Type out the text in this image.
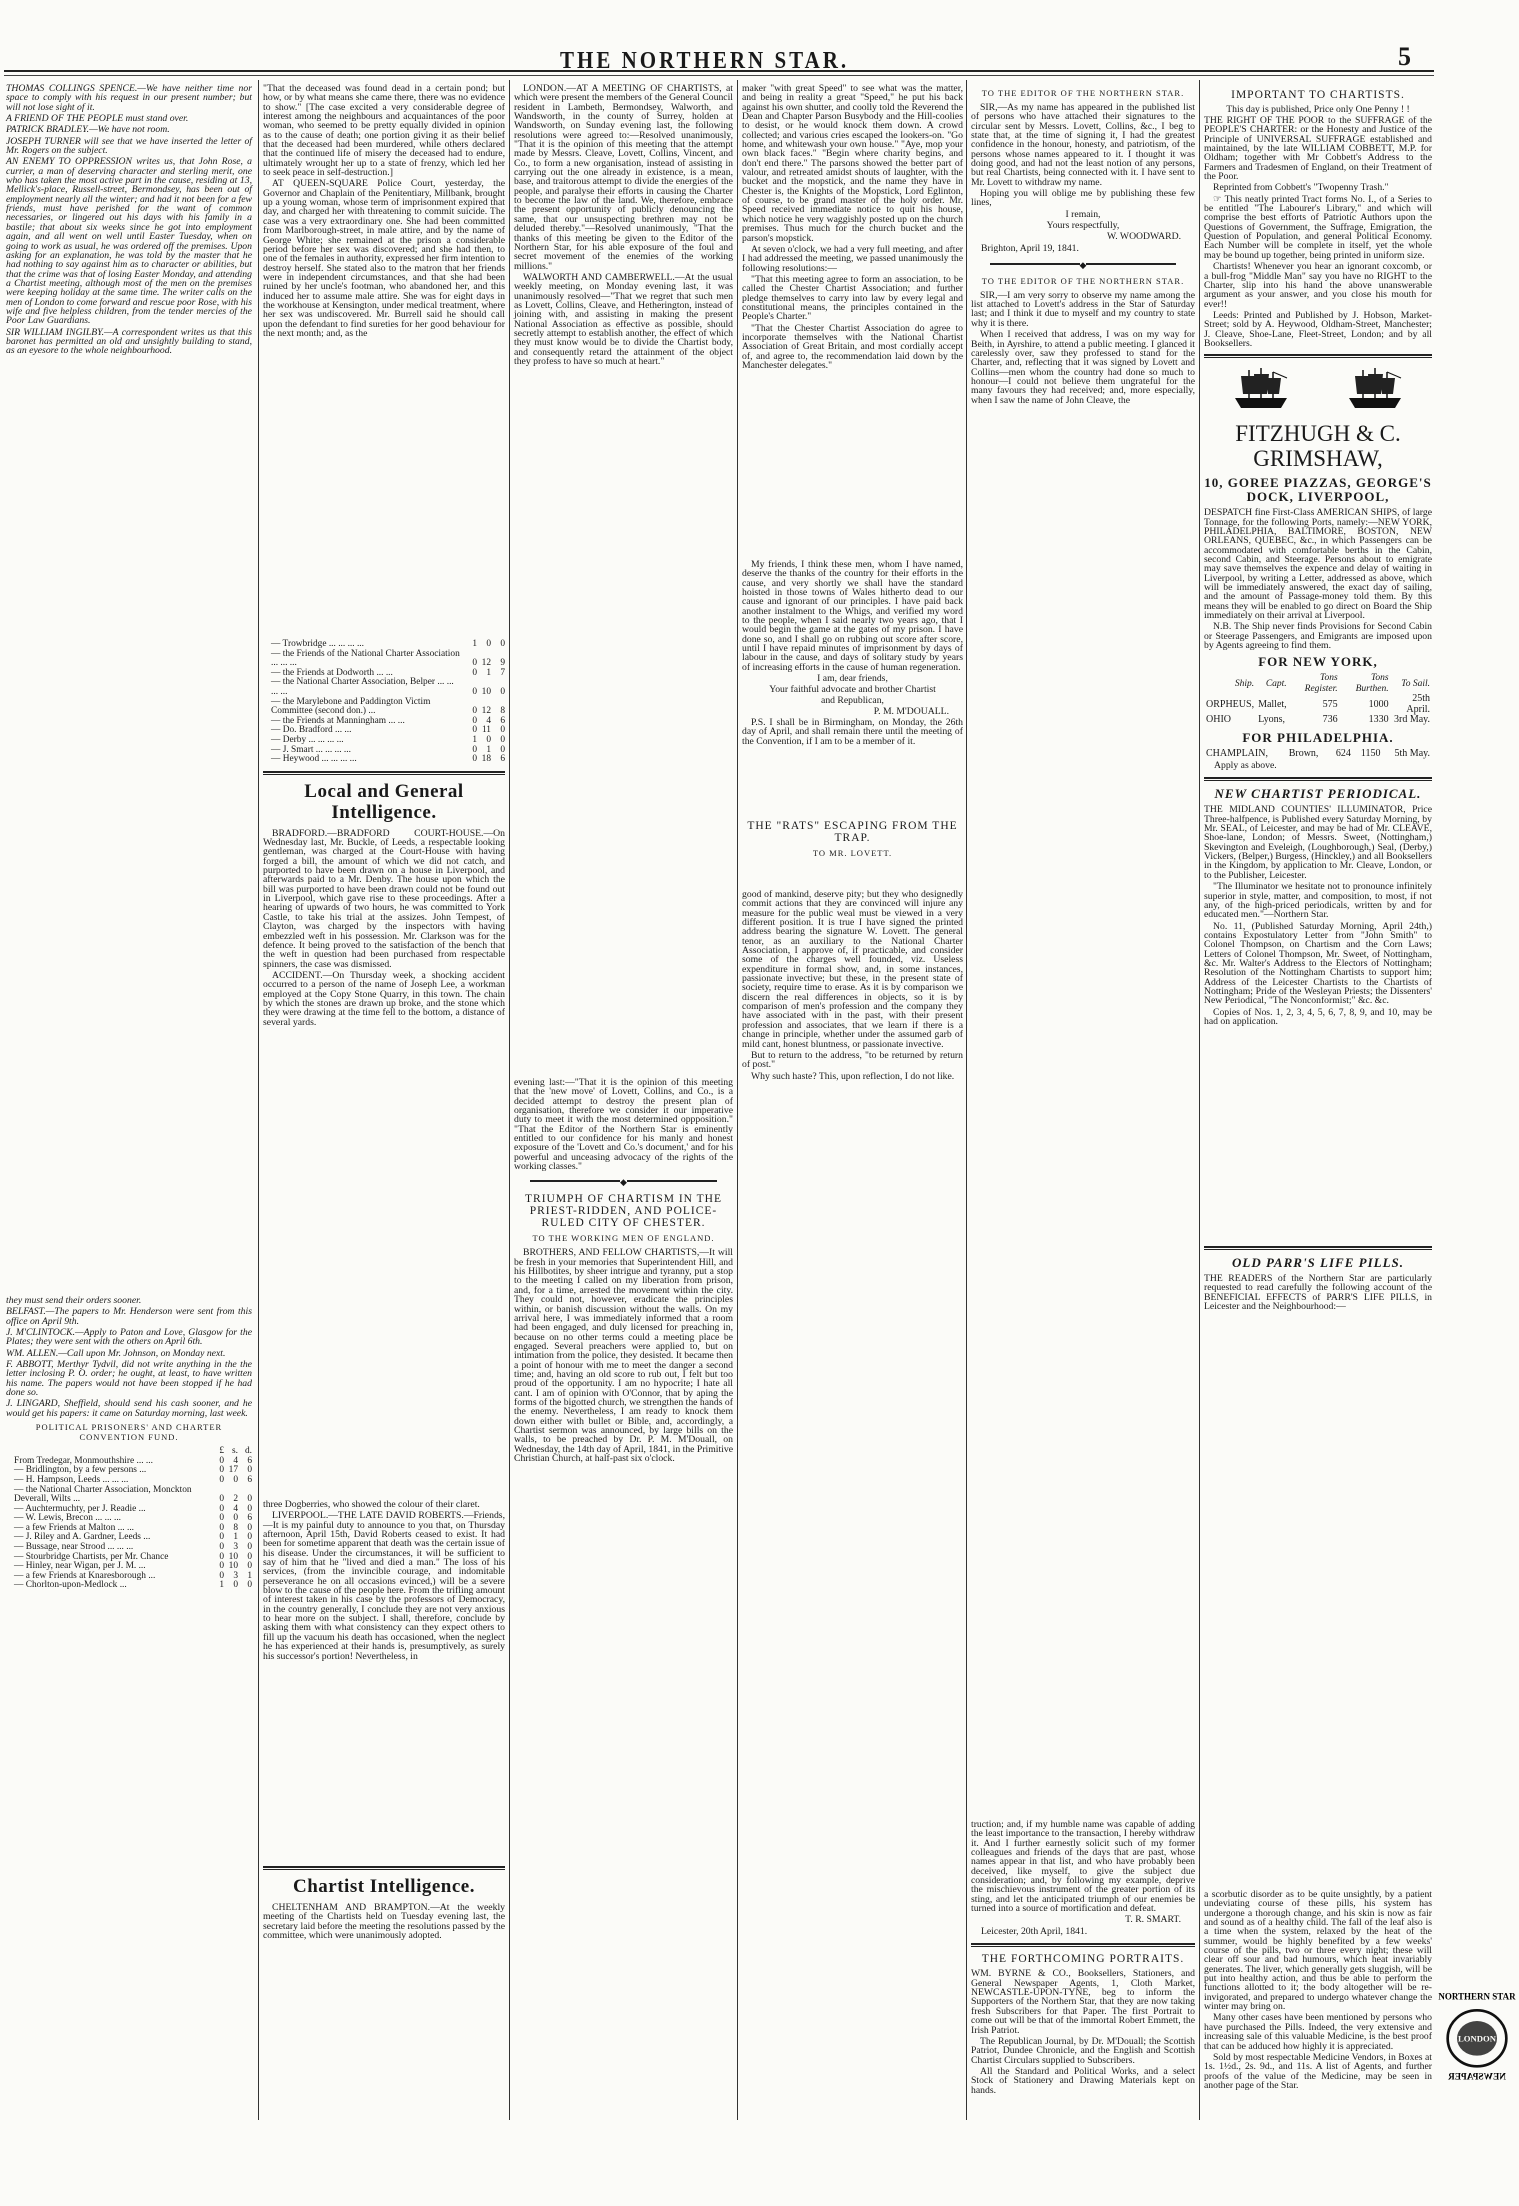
THE NORTHERN STAR.	5

THOMAS COLLINGS SPENCE.—We have neither time nor space to comply with his request in our present number; but will not lose sight of it.

A FRIEND OF THE PEOPLE must stand over.

PATRICK BRADLEY.—We have not room.

JOSEPH TURNER will see that we have inserted the letter of Mr. Rogers on the subject.

AN ENEMY TO OPPRESSION writes us, that John Rose, a currier, a man of deserving character and sterling merit, one who has taken the most active part in the cause, residing at 13, Mellick's-place, Russell-street, Bermondsey, has been out of employment nearly all the winter; and had it not been for a few friends, must have perished for the want of common necessaries, or lingered out his days with his family in a bastile; that about six weeks since he got into employment again, and all went on well until Easter Tuesday, when on going to work as usual, he was ordered off the premises. Upon asking for an explanation, he was told by the master that he had nothing to say against him as to character or abilities, but that the crime was that of losing Easter Monday, and attending a Chartist meeting, although most of the men on the premises were keeping holiday at the same time. The writer calls on the men of London to come forward and rescue poor Rose, with his wife and five helpless children, from the tender mercies of the Poor Law Guardians.

SIR WILLIAM INGILBY.—A correspondent writes us that this baronet has permitted an old and unsightly building to stand, as an eyesore to the whole neighbourhood.

they must send their orders sooner.

BELFAST.—The papers to Mr. Henderson were sent from this office on April 9th.

J. M'CLINTOCK.—Apply to Paton and Love, Glasgow for the Plates; they were sent with the others on April 6th.

WM. ALLEN.—Call upon Mr. Johnson, on Monday next.

F. ABBOTT, Merthyr Tydvil, did not write anything in the the letter inclosing P. O. order; he ought, at least, to have written his name. The papers would not have been stopped if he had done so.

J. LINGARD, Sheffield, should send his cash sooner, and he would get his papers: it came on Saturday morning, last week.

POLITICAL PRISONERS' AND CHARTER CONVENTION FUND.
	£	s.	d.
From Tredegar, Monmouthshire ... ...	0	4	6
— Bridlington, by a few persons ...	0	17	0
— H. Hampson, Leeds ... ... ...	0	0	6
— the National Charter Association, Monckton Deverall, Wilts ...	0	2	0
— Auchtermuchty, per J. Readie ...	0	4	0
— W. Lewis, Brecon ... ... ...	0	0	6
— a few Friends at Malton ... ...	0	8	0
— J. Riley and A. Gardner, Leeds ...	0	1	0
— Bussage, near Strood ... ... ...	0	3	0
— Stourbridge Chartists, per Mr. Chance	0	10	0
— Hinley, near Wigan, per J. M. ...	0	10	0
— a few Friends at Knaresborough ...	0	3	1
— Chorlton-upon-Medlock ...	1	0	0

"That the deceased was found dead in a certain pond; but how, or by what means she came there, there was no evidence to show." [The case excited a very considerable degree of interest among the neighbours and acquaintances of the poor woman, who seemed to be pretty equally divided in opinion as to the cause of death; one portion giving it as their belief that the deceased had been murdered, while others declared that the continued life of misery the deceased had to endure, ultimately wrought her up to a state of frenzy, which led her to seek peace in self-destruction.]

AT QUEEN-SQUARE Police Court, yesterday, the Governor and Chaplain of the Penitentiary, Millbank, brought up a young woman, whose term of imprisonment expired that day, and charged her with threatening to commit suicide. The case was a very extraordinary one. She had been committed from Marlborough-street, in male attire, and by the name of George White; she remained at the prison a considerable period before her sex was discovered; and she had then, to one of the females in authority, expressed her firm intention to destroy herself. She stated also to the matron that her friends were in independent circumstances, and that she had been ruined by her uncle's footman, who abandoned her, and this induced her to assume male attire. She was for eight days in the workhouse at Kensington, under medical treatment, where her sex was undiscovered. Mr. Burrell said he should call upon the defendant to find sureties for her good behaviour for the next month; and, as the

— Trowbridge ... ... ... ...	1	0	0
— the Friends of the National Charter Association ... ... ...	0	12	9
— the Friends at Dodworth ... ...	0	1	7
— the National Charter Association, Belper ... ... ... ...	0	10	0
— the Marylebone and Paddington Victim Committee (second don.) ...	0	12	8
— the Friends at Manningham ... ...	0	4	6
— Do. Bradford ... ...	0	11	0
— Derby ... ... ... ...	1	0	0
— J. Smart ... ... ... ...	0	1	0
— Heywood ... ... ... ...	0	18	6
Local and General Intelligence.

BRADFORD.—BRADFORD COURT-HOUSE.—On Wednesday last, Mr. Buckle, of Leeds, a respectable looking gentleman, was charged at the Court-House with having forged a bill, the amount of which we did not catch, and purported to have been drawn on a house in Liverpool, and afterwards paid to a Mr. Denby. The house upon which the bill was purported to have been drawn could not be found out in Liverpool, which gave rise to these proceedings. After a hearing of upwards of two hours, he was committed to York Castle, to take his trial at the assizes. John Tempest, of Clayton, was charged by the inspectors with having embezzled weft in his possession. Mr. Clarkson was for the defence. It being proved to the satisfaction of the bench that the weft in question had been purchased from respectable spinners, the case was dismissed.

ACCIDENT.—On Thursday week, a shocking accident occurred to a person of the name of Joseph Lee, a workman employed at the Copy Stone Quarry, in this town. The chain by which the stones are drawn up broke, and the stone which they were drawing at the time fell to the bottom, a distance of several yards.

three Dogberries, who showed the colour of their claret.

LIVERPOOL.—THE LATE DAVID ROBERTS.—Friends,—It is my painful duty to announce to you that, on Thursday afternoon, April 15th, David Roberts ceased to exist. It had been for sometime apparent that death was the certain issue of his disease. Under the circumstances, it will be sufficient to say of him that he "lived and died a man." The loss of his services, (from the invincible courage, and indomitable perseverance he on all occasions evinced,) will be a severe blow to the cause of the people here. From the trifling amount of interest taken in his case by the professors of Democracy, in the country generally, I conclude they are not very anxious to hear more on the subject. I shall, therefore, conclude by asking them with what consistency can they expect others to fill up the vacuum his death has occasioned, when the neglect he has experienced at their hands is, presumptively, as surely his successor's portion! Nevertheless, in

Chartist Intelligence.

CHELTENHAM AND BRAMPTON.—At the weekly meeting of the Chartists held on Tuesday evening last, the secretary laid before the meeting the resolutions passed by the committee, which were unanimously adopted.

LONDON.—AT A MEETING OF CHARTISTS, at which were present the members of the General Council resident in Lambeth, Bermondsey, Walworth, and Wandsworth, in the county of Surrey, holden at Wandsworth, on Sunday evening last, the following resolutions were agreed to:—Resolved unanimously, "That it is the opinion of this meeting that the attempt made by Messrs. Cleave, Lovett, Collins, Vincent, and Co., to form a new organisation, instead of assisting in carrying out the one already in existence, is a mean, base, and traitorous attempt to divide the energies of the people, and paralyse their efforts in causing the Charter to become the law of the land. We, therefore, embrace the present opportunity of publicly denouncing the same, that our unsuspecting brethren may not be deluded thereby."—Resolved unanimously, "That the thanks of this meeting be given to the Editor of the Northern Star, for his able exposure of the foul and secret movement of the enemies of the working millions."

WALWORTH AND CAMBERWELL.—At the usual weekly meeting, on Monday evening last, it was unanimously resolved—"That we regret that such men as Lovett, Collins, Cleave, and Hetherington, instead of joining with, and assisting in making the present National Association as effective as possible, should secretly attempt to establish another, the effect of which they must know would be to divide the Chartist body, and consequently retard the attainment of the object they profess to have so much at heart."

evening last:—"That it is the opinion of this meeting that the 'new move' of Lovett, Collins, and Co., is a decided attempt to destroy the present plan of organisation, therefore we consider it our imperative duty to meet it with the most determined oppposition." "That the Editor of the Northern Star is eminently entitled to our confidence for his manly and honest exposure of the 'Lovett and Co.'s document,' and for his powerful and unceasing advocacy of the rights of the working classes."

◆
TRIUMPH OF CHARTISM IN THE PRIEST-RIDDEN, AND POLICE-RULED CITY OF CHESTER.
TO THE WORKING MEN OF ENGLAND.

BROTHERS, AND FELLOW CHARTISTS,—It will be fresh in your memories that Superintendent Hill, and his Hillbotites, by sheer intrigue and tyranny, put a stop to the meeting I called on my liberation from prison, and, for a time, arrested the movement within the city. They could not, however, eradicate the principles within, or banish discussion without the walls. On my arrival here, I was immediately informed that a room had been engaged, and duly licensed for preaching in, because on no other terms could a meeting place be engaged. Several preachers were applied to, but on intimation from the police, they desisted. It became then a point of honour with me to meet the danger a second time; and, having an old score to rub out, I felt but too proud of the opportunity. I am no hypocrite; I hate all cant. I am of opinion with O'Connor, that by aping the forms of the bigotted church, we strengthen the hands of the enemy. Nevertheless, I am ready to knock them down either with bullet or Bible, and, accordingly, a Chartist sermon was announced, by large bills on the walls, to be preached by Dr. P. M. M'Douall, on Wednesday, the 14th day of April, 1841, in the Primitive Christian Church, at half-past six o'clock.

maker "with great Speed" to see what was the matter, and being in reality a great "Speed," he put his back against his own shutter, and coolly told the Reverend the Dean and Chapter Parson Busybody and the Hill-coolies to desist, or he would knock them down. A crowd collected; and various cries escaped the lookers-on. "Go home, and whitewash your own house." "Aye, mop your own black faces." "Begin where charity begins, and don't end there." The parsons showed the better part of valour, and retreated amidst shouts of laughter, with the bucket and the mopstick, and the name they have in Chester is, the Knights of the Mopstick, Lord Eglinton, of course, to be grand master of the holy order. Mr. Speed received immediate notice to quit his house, which notice he very waggishly posted up on the church premises. Thus much for the church bucket and the parson's mopstick.

At seven o'clock, we had a very full meeting, and after I had addressed the meeting, we passed unanimously the following resolutions:—

"That this meeting agree to form an association, to be called the Chester Chartist Association; and further pledge themselves to carry into law by every legal and constitutional means, the principles contained in the People's Charter."

"That the Chester Chartist Association do agree to incorporate themselves with the National Chartist Association of Great Britain, and most cordially accept of, and agree to, the recommendation laid down by the Manchester delegates."

My friends, I think these men, whom I have named, deserve the thanks of the country for their efforts in the cause, and very shortly we shall have the standard hoisted in those towns of Wales hitherto dead to our cause and ignorant of our principles. I have paid back another instalment to the Whigs, and verified my word to the people, when I said nearly two years ago, that I would begin the game at the gates of my prison. I have done so, and I shall go on rubbing out score after score, until I have repaid minutes of imprisonment by days of labour in the cause, and days of solitary study by years of increasing efforts in the cause of human regeneration.

I am, dear friends,
Your faithful advocate and brother Chartist
and Republican,
P. M. M'DOUALL.

P.S. I shall be in Birmingham, on Monday, the 26th day of April, and shall remain there until the meeting of the Convention, if I am to be a member of it.

THE "RATS" ESCAPING FROM THE TRAP.
TO MR. LOVETT.

good of mankind, deserve pity; but they who designedly commit actions that they are convinced will injure any measure for the public weal must be viewed in a very different position. It is true I have signed the printed address bearing the signature W. Lovett. The general tenor, as an auxiliary to the National Charter Association, I approve of, if practicable, and consider some of the charges well founded, viz. Useless expenditure in formal show, and, in some instances, passionate invective; but these, in the present state of society, require time to erase. As it is by comparison we discern the real differences in objects, so it is by comparison of men's profession and the company they have associated with in the past, with their present profession and associates, that we learn if there is a change in principle, whether under the assumed garb of mild cant, honest bluntness, or passionate invective.

But to return to the address, "to be returned by return of post."

Why such haste? This, upon reflection, I do not like.

TO THE EDITOR OF THE NORTHERN STAR.

SIR,—As my name has appeared in the published list of persons who have attached their signatures to the circular sent by Messrs. Lovett, Collins, &c., I beg to state that, at the time of signing it, I had the greatest confidence in the honour, honesty, and patriotism, of the persons whose names appeared to it. I thought it was doing good, and had not the least notion of any persons, but real Chartists, being connected with it. I have sent to Mr. Lovett to withdraw my name.

Hoping you will oblige me by publishing these few lines,

I remain,
Yours respectfully,
W. WOODWARD.
Brighton, April 19, 1841.
◆
TO THE EDITOR OF THE NORTHERN STAR.

SIR,—I am very sorry to observe my name among the list attached to Lovett's address in the Star of Saturday last; and I think it due to myself and my country to state why it is there.

When I received that address, I was on my way for Beith, in Ayrshire, to attend a public meeting. I glanced it carelessly over, saw they professed to stand for the Charter, and, reflecting that it was signed by Lovett and Collins—men whom the country had done so much to honour—I could not believe them ungrateful for the many favours they had received; and, more especially, when I saw the name of John Cleave, the

truction; and, if my humble name was capable of adding the least importance to the transaction, I hereby withdraw it. And I further earnestly solicit such of my former colleagues and friends of the days that are past, whose names appear in that list, and who have probably been deceived, like myself, to give the subject due consideration; and, by following my example, deprive the mischievous instrument of the greater portion of its sting, and let the anticipated triumph of our enemies be turned into a source of mortification and defeat.

T. R. SMART.
Leicester, 20th April, 1841.
THE FORTHCOMING PORTRAITS.

WM. BYRNE & CO., Booksellers, Stationers, and General Newspaper Agents, 1, Cloth Market, NEWCASTLE-UPON-TYNE, beg to inform the Supporters of the Northern Star, that they are now taking fresh Subscribers for that Paper. The first Portrait to come out will be that of the immortal Robert Emmett, the Irish Patriot.

The Republican Journal, by Dr. M'Douall; the Scottish Patriot, Dundee Chronicle, and the English and Scottish Chartist Circulars supplied to Subscribers.

All the Standard and Political Works, and a select Stock of Stationery and Drawing Materials kept on hands.

IMPORTANT TO CHARTISTS.
This day is published, Price only One Penny ! !

THE RIGHT OF THE POOR to the SUFFRAGE of the PEOPLE'S CHARTER: or the Honesty and Justice of the Principle of UNIVERSAL SUFFRAGE established and maintained, by the late WILLIAM COBBETT, M.P. for Oldham; together with Mr Cobbett's Address to the Farmers and Tradesmen of England, on their Treatment of the Poor.

Reprinted from Cobbett's "Twopenny Trash."

☞ This neatly printed Tract forms No. I., of a Series to be entitled "The Labourer's Library," and which will comprise the best efforts of Patriotic Authors upon the Questions of Government, the Suffrage, Emigration, the Question of Population, and general Political Economy. Each Number will be complete in itself, yet the whole may be bound up together, being printed in uniform size.

Chartists! Whenever you hear an ignorant coxcomb, or a bull-frog "Middle Man" say you have no RIGHT to the Charter, slip into his hand the above unanswerable argument as your answer, and you close his mouth for ever!!

Leeds: Printed and Published by J. Hobson, Market-Street; sold by A. Heywood, Oldham-Street, Manchester; J. Cleave, Shoe-Lane, Fleet-Street, London; and by all Booksellers.

FITZHUGH & C. GRIMSHAW,
10, GOREE PIAZZAS, GEORGE'S DOCK, LIVERPOOL,

DESPATCH fine First-Class AMERICAN SHIPS, of large Tonnage, for the following Ports, namely:—NEW YORK, PHILADELPHIA, BALTIMORE, BOSTON, NEW ORLEANS, QUEBEC, &c., in which Passengers can be accommodated with comfortable berths in the Cabin, second Cabin, and Steerage. Persons about to emigrate may save themselves the expence and delay of waiting in Liverpool, by writing a Letter, addressed as above, which will be immediately answered, the exact day of sailing, and the amount of Passage-money told them. By this means they will be enabled to go direct on Board the Ship immediately on their arrival at Liverpool.

N.B. The Ship never finds Provisions for Second Cabin or Steerage Passengers, and Emigrants are imposed upon by Agents agreeing to find them.

FOR NEW YORK,
Ship.	Capt.	Tons Register.	Tons Burthen.	To Sail.
ORPHEUS,	Mallet,	575	1000	25th April.
OHIO	Lyons,	736	1330	3rd May.
FOR PHILADELPHIA.
CHAMPLAIN,	Brown,	624	1150	5th May.
Apply as above.
NEW CHARTIST PERIODICAL.

THE MIDLAND COUNTIES' ILLUMINATOR, Price Three-halfpence, is Published every Saturday Morning, by Mr. SEAL, of Leicester, and may be had of Mr. CLEAVE, Shoe-lane, London; of Messrs. Sweet, (Nottingham,) Skevington and Eveleigh, (Loughborough,) Seal, (Derby,) Vickers, (Belper,) Burgess, (Hinckley,) and all Booksellers in the Kingdom, by application to Mr. Cleave, London, or to the Publisher, Leicester.

"The Illuminator we hesitate not to pronounce infinitely superior in style, matter, and composition, to most, if not any, of the high-priced periodicals, written by and for educated men."—Northern Star.

No. 11, (Published Saturday Morning, April 24th,) contains Expostulatory Letter from "John Smith" to Colonel Thompson, on Chartism and the Corn Laws; Letters of Colonel Thompson, Mr. Sweet, of Nottingham, &c. Mr. Walter's Address to the Electors of Nottingham; Resolution of the Nottingham Chartists to support him; Address of the Leicester Chartists to the Chartists of Nottingham; Pride of the Wesleyan Priests; the Dissenters' New Periodical, "The Nonconformist;" &c. &c.

Copies of Nos. 1, 2, 3, 4, 5, 6, 7, 8, 9, and 10, may be had on application.

OLD PARR'S LIFE PILLS.

THE READERS of the Northern Star are particularly requested to read carefully the following account of the BENEFICIAL EFFECTS of PARR'S LIFE PILLS, in Leicester and the Neighbourhood:—

a scorbutic disorder as to be quite unsightly, by a patient undeviating course of these pills, his system has undergone a thorough change, and his skin is now as fair and sound as of a healthy child. The fall of the leaf also is a time when the system, relaxed by the heat of the summer, would be highly benefited by a few weeks' course of the pills, two or three every night; these will clear off sour and bad humours, which heat invariably generates. The liver, which generally gets sluggish, will be put into healthy action, and thus be able to perform the functions allotted to it; the body altogether will be re-invigorated, and prepared to undergo whatever change the winter may bring on.

Many other cases have been mentioned by persons who have purchased the Pills. Indeed, the very extensive and increasing sale of this valuable Medicine, is the best proof that can be adduced how highly it is appreciated.

Sold by most respectable Medicine Vendors, in Boxes at 1s. 1½d., 2s. 9d., and 11s. A list of Agents, and further proofs of the value of the Medicine, may be seen in another page of the Star.

NORTHERN STAR
LONDON
NEWSPAPER
